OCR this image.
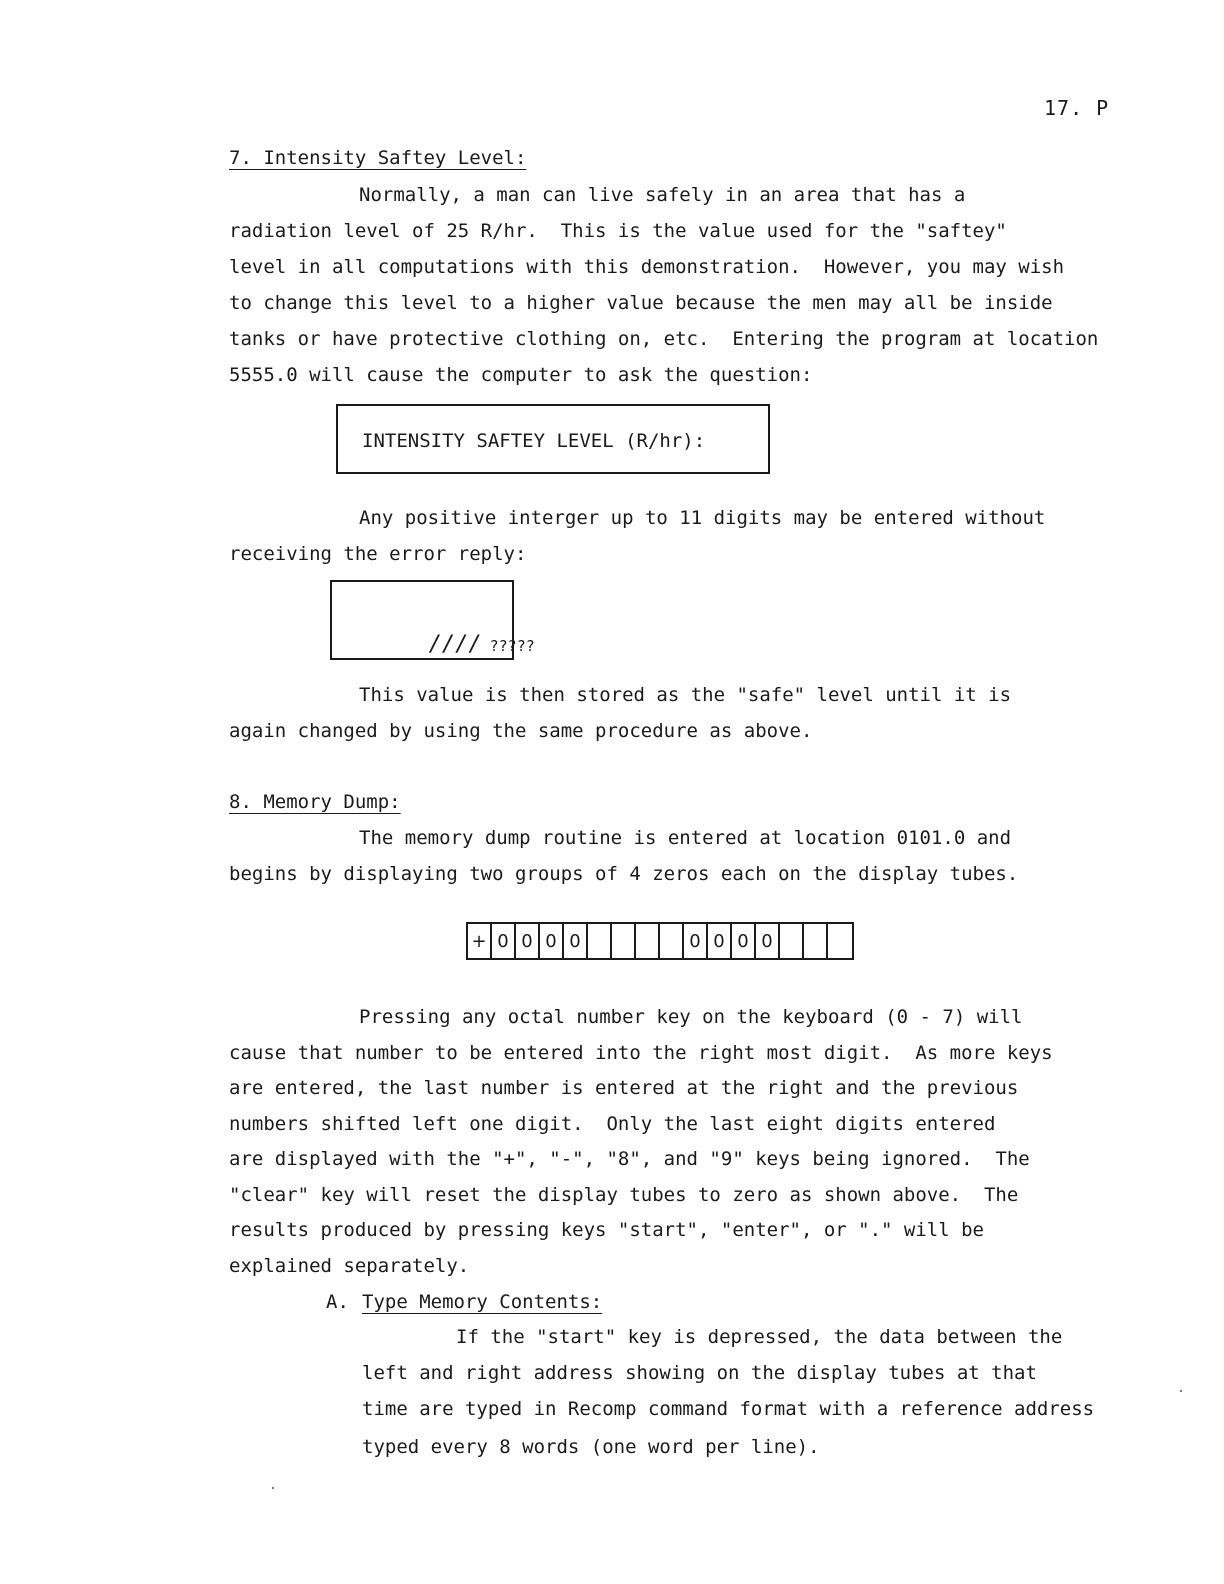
17. P
7. Intensity Saftey Level:
Normally, a man can live safely in an area that has a
radiation level of 25 R/hr.  This is the value used for the "saftey"
level in all computations with this demonstration.  However, you may wish
to change this level to a higher value because the men may all be inside
tanks or have protective clothing on, etc.  Entering the program at location
5555.0 will cause the computer to ask the question:
INTENSITY SAFTEY LEVEL (R/hr):
Any positive interger up to 11 digits may be entered without
receiving the error reply:

//// ?????

This value is then stored as the "safe" level until it is
again changed by using the same procedure as above.
8. Memory Dump:
The memory dump routine is entered at location 0101.0 and
begins by displaying two groups of 4 zeros each on the display tubes.
+ 0 0 0 0	0 0 0 0
Pressing any octal number key on the keyboard (0 - 7) will
cause that number to be entered into the right most digit.  As more keys
are entered, the last number is entered at the right and the previous
numbers shifted left one digit.  Only the last eight digits entered
are displayed with the "+", "-", "8", and "9" keys being ignored.  The
"clear" key will reset the display tubes to zero as shown above.  The
results produced by pressing keys "start", "enter", or "." will be
explained separately.
A. Type Memory Contents:
If the "start" key is depressed, the data between the
left and right address showing on the display tubes at that
time are typed in Recomp command format with a reference address
typed every 8 words (one word per line).
